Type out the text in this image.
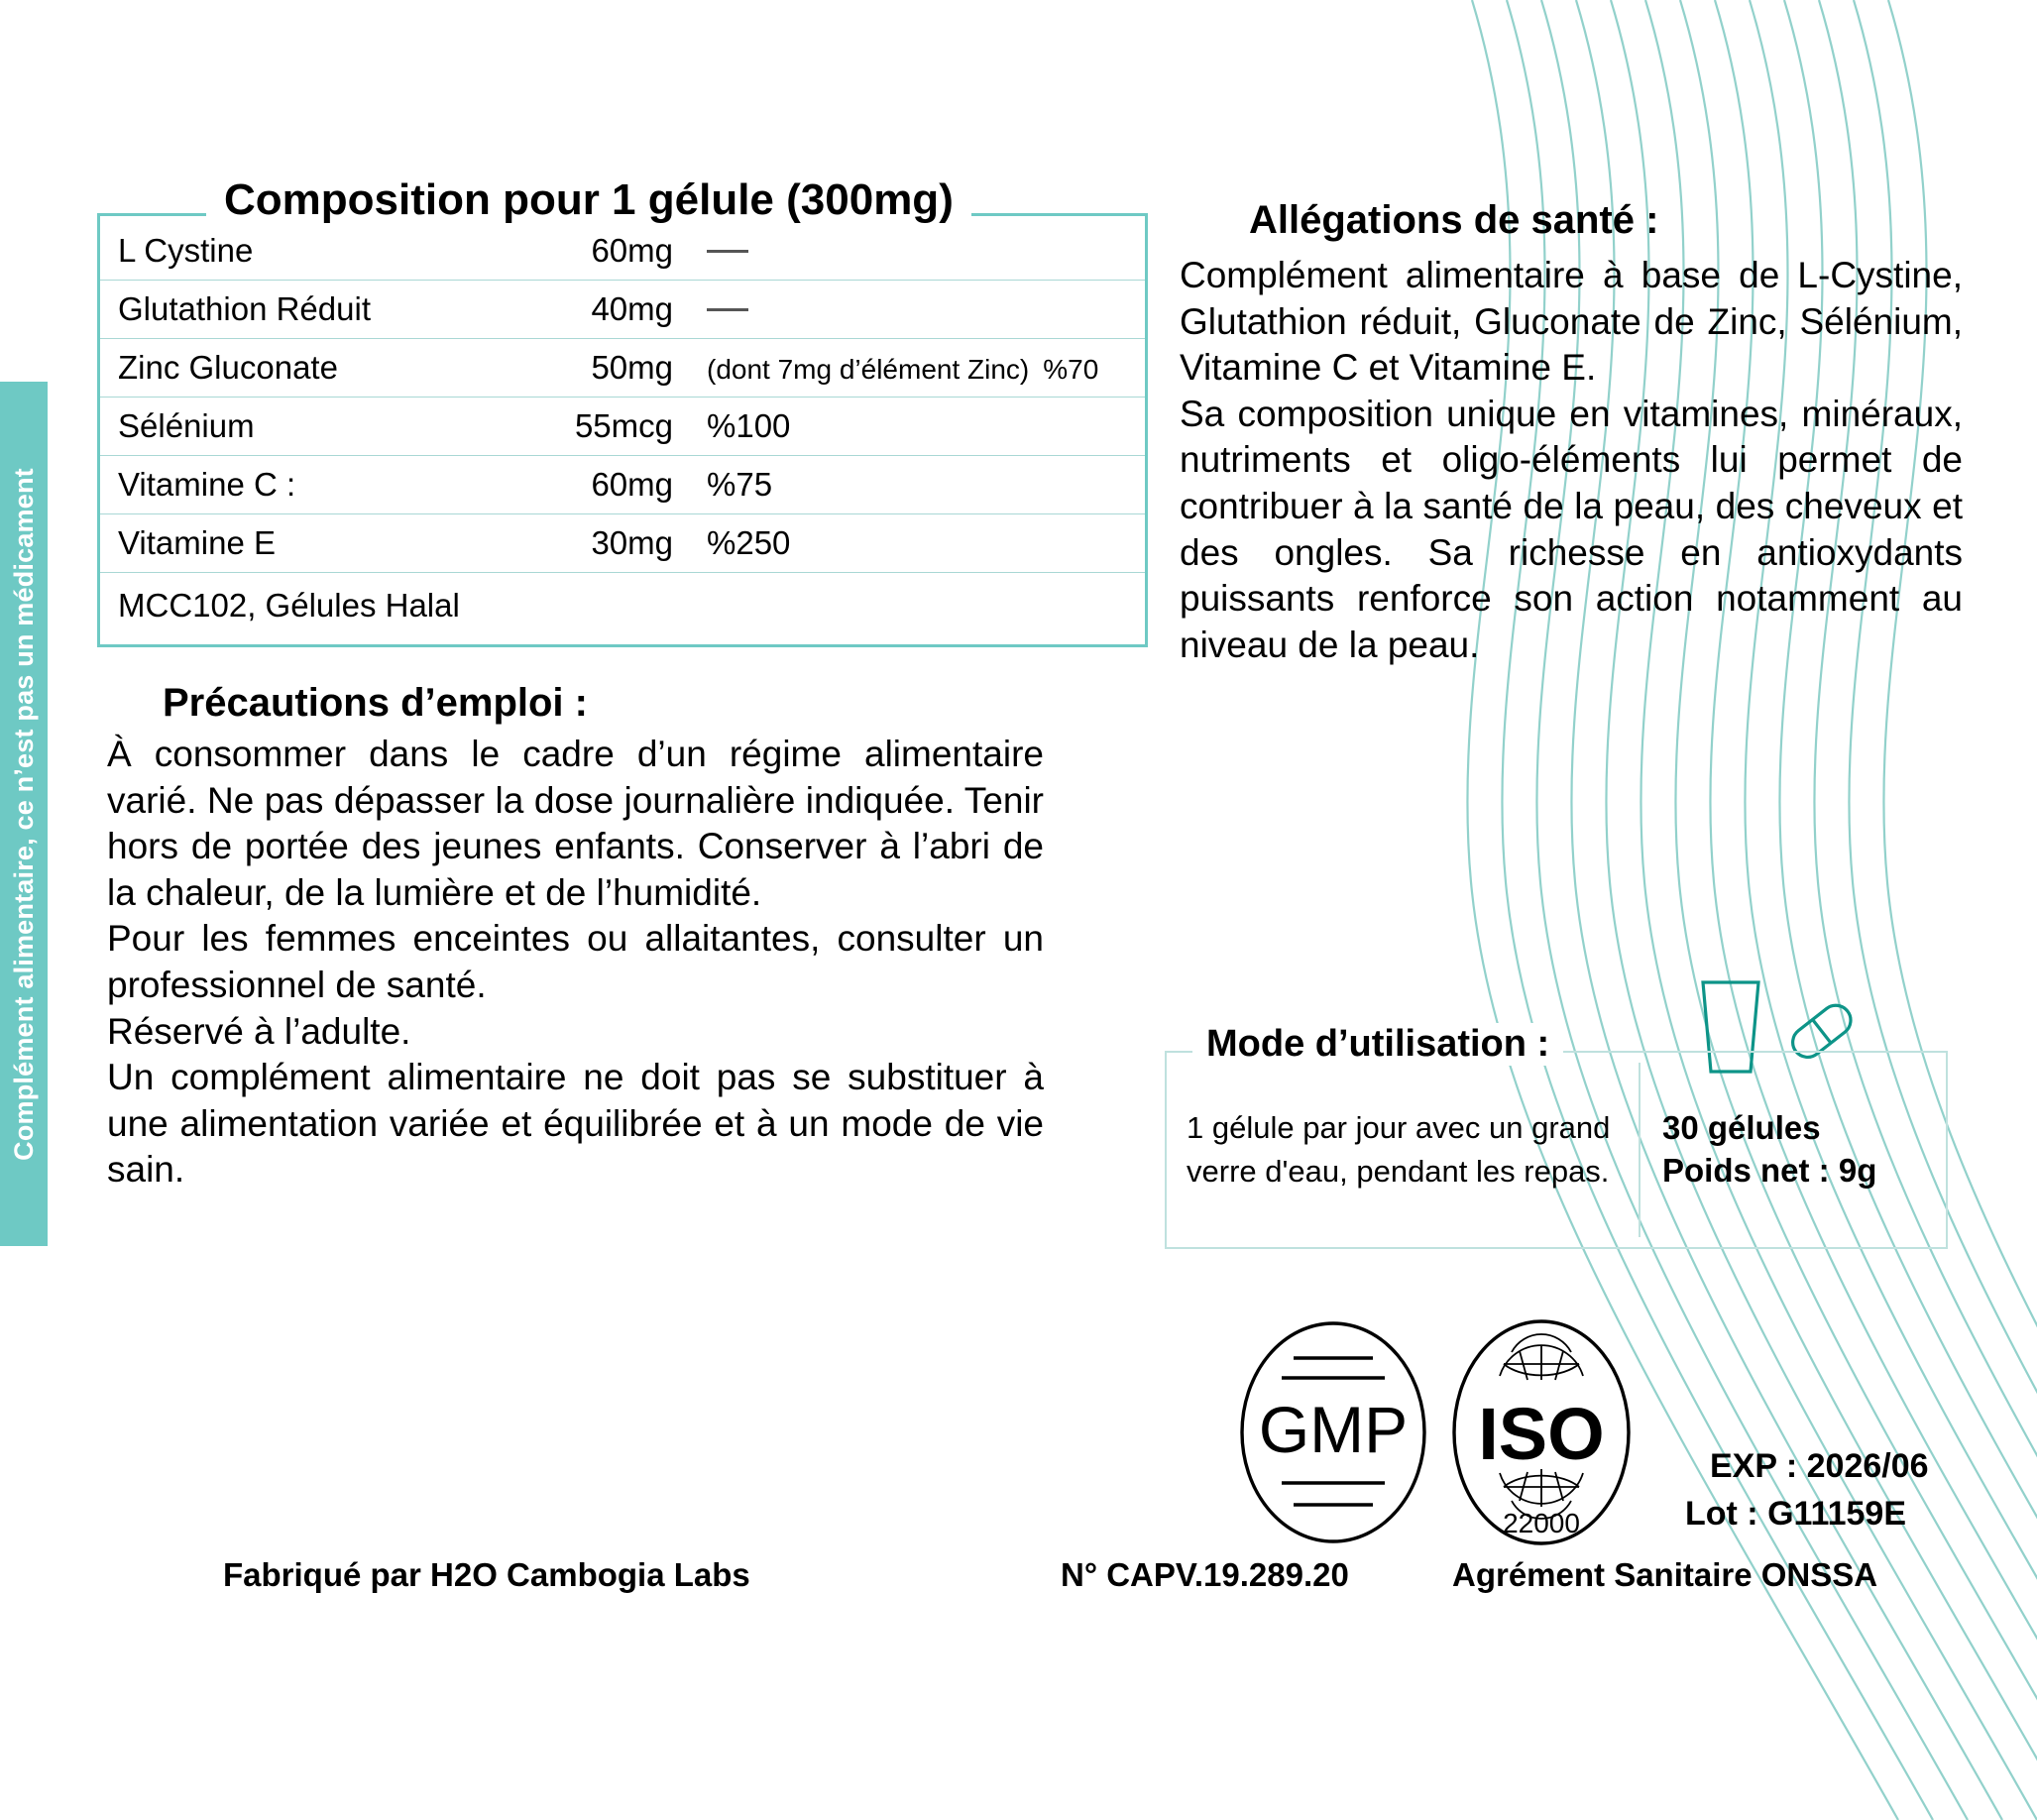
Complément alimentaire, ce n’est pas un médicament
Composition pour 1 gélule (300mg)
L Cystine	60mg
Glutathion Réduit	40mg
Zinc Gluconate	50mg	(dont 7mg d’élément Zinc) %70
Sélénium	55mcg	%100
Vitamine C :	60mg	%75
Vitamine E	30mg	%250
MCC102, Gélules Halal
Précautions d’emploi :

À consommer dans le cadre d’un régime alimentaire varié. Ne pas dépasser la dose journalière indiquée. Tenir hors de portée des jeunes enfants. Conserver à l’abri de la chaleur, de la lumière et de l’humidité.

Pour les femmes enceintes ou allaitantes, consulter un professionnel de santé.

Réservé à l’adulte.

Un complément alimentaire ne doit pas se substituer à une alimentation variée et équilibrée et à un mode de vie sain.

Allégations de santé :

Complément alimentaire à base de L-Cystine, Glutathion réduit, Gluconate de Zinc, Sélénium, Vitamine C et Vitamine E.

Sa composition unique en vitamines, minéraux, nutriments et oligo-éléments lui permet de contribuer à la santé de la peau, des cheveux et des ongles. Sa richesse en antioxydants puissants renforce son action notamment au niveau de la peau.

Mode d’utilisation :
1 gélule par jour avec un grand verre d'eau, pendant les repas.
30 gélules
Poids net : 9g
GMP ISO
22000
EXP : 2026/06
Lot : G11159E
Fabriqué par H2O Cambogia Labs	N° CAPV.19.289.20	Agrément Sanitaire ONSSA
